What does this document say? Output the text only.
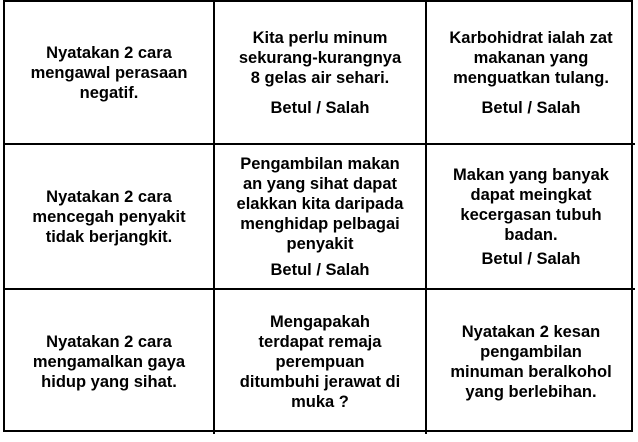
Nyatakan 2 cara
mengawal perasaan
negatif.
Kita perlu minum
sekurang-kurangnya
8 gelas air sehari.
Betul / Salah
Karbohidrat ialah zat
makanan yang
menguatkan tulang.
Betul / Salah
Nyatakan 2 cara
mencegah penyakit
tidak berjangkit.
Pengambilan makan
an yang sihat dapat
elakkan kita daripada
menghidap pelbagai
penyakit
Betul / Salah
Makan yang banyak
dapat meingkat
kecergasan tubuh
badan.
Betul / Salah
Nyatakan 2 cara
mengamalkan gaya
hidup yang sihat.
Mengapakah
terdapat remaja
perempuan
ditumbuhi jerawat di
muka ?
Nyatakan 2 kesan
pengambilan
minuman beralkohol
yang berlebihan.
